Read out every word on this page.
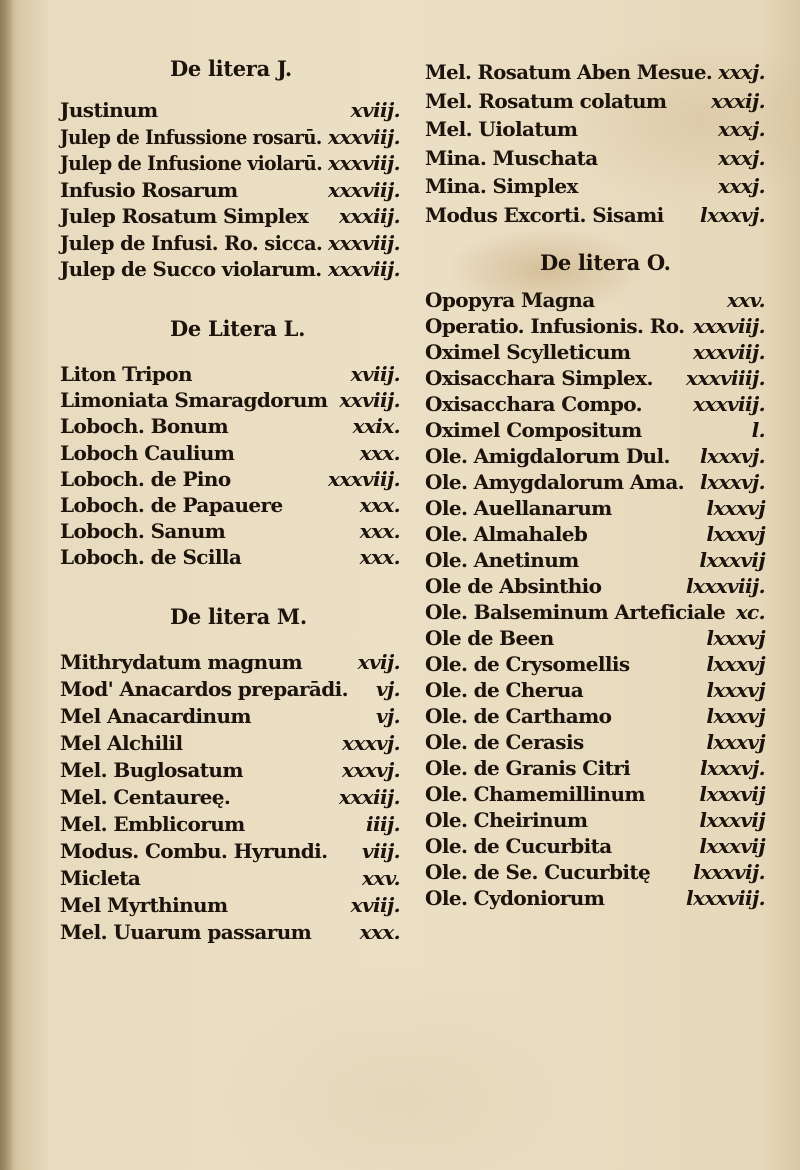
De litera J.
Justinum	xviij.
Julep de Infussione rosarū. xxxviij.
Julep de Infusione violarū. xxxviij.
Infusio Rosarum	xxxviij.
Julep Rosatum Simplex xxxiij.
Julep de Infusi. Ro. sicca. xxxviij.
Julep de Succo violarum. xxxviij.
De Litera L.
Liton Tripon	xviij.
Limoniata Smaragdorum xxviij.
Loboch. Bonum	xxix.
Loboch Caulium	xxx.
Loboch. de Pino	xxxviij.
Loboch. de Papauere	xxx.
Loboch. Sanum	xxx.
Loboch. de Scilla	xxx.
De litera M.
Mithrydatum magnum	xvij.
Mod' Anacardos preparādi. vj.
Mel Anacardinum	vj.
Mel Alchilil	xxxvj.
Mel. Buglosatum	xxxvj.
Mel. Centaureę.	xxxiij.
Mel. Emblicorum	iiij.
Modus. Combu. Hyrundi. viij.
Micleta	xxv.
Mel Myrthinum	xviij.
Mel. Uuarum passarum xxx.
Mel. Rosatum Aben Mesue. xxxj.
Mel. Rosatum colatum xxxij.
Mel. Uiolatum	xxxj.
Mina. Muschata	xxxj.
Mina. Simplex	xxxj.
Modus Excorti. Sisami lxxxvj.
De litera O.
Opopyra Magna	xxv.
Operatio. Infusionis. Ro. xxxviij.
Oximel Scylleticum	xxxviij.
Oxisacchara Simplex. xxxviiij.
Oxisacchara Compo.	xxxviij.
Oximel Compositum	l.
Ole. Amigdalorum Dul. lxxxvj.
Ole. Amygdalorum Ama. lxxxvj.
Ole. Auellanarum	lxxxvj
Ole. Almahaleb	lxxxvj
Ole. Anetinum	lxxxvij
Ole de Absinthio	lxxxviij.
Ole. Balseminum Arteficiale xc.
Ole de Been	lxxxvj
Ole. de Crysomellis	lxxxvj
Ole. de Cherua	lxxxvj
Ole. de Carthamo	lxxxvj
Ole. de Cerasis	lxxxvj
Ole. de Granis Citri	lxxxvj.
Ole. Chamemillinum	lxxxvij
Ole. Cheirinum	lxxxvij
Ole. de Cucurbita	lxxxvij
Ole. de Se. Cucurbitę lxxxvij.
Ole. Cydoniorum	lxxxviij.
